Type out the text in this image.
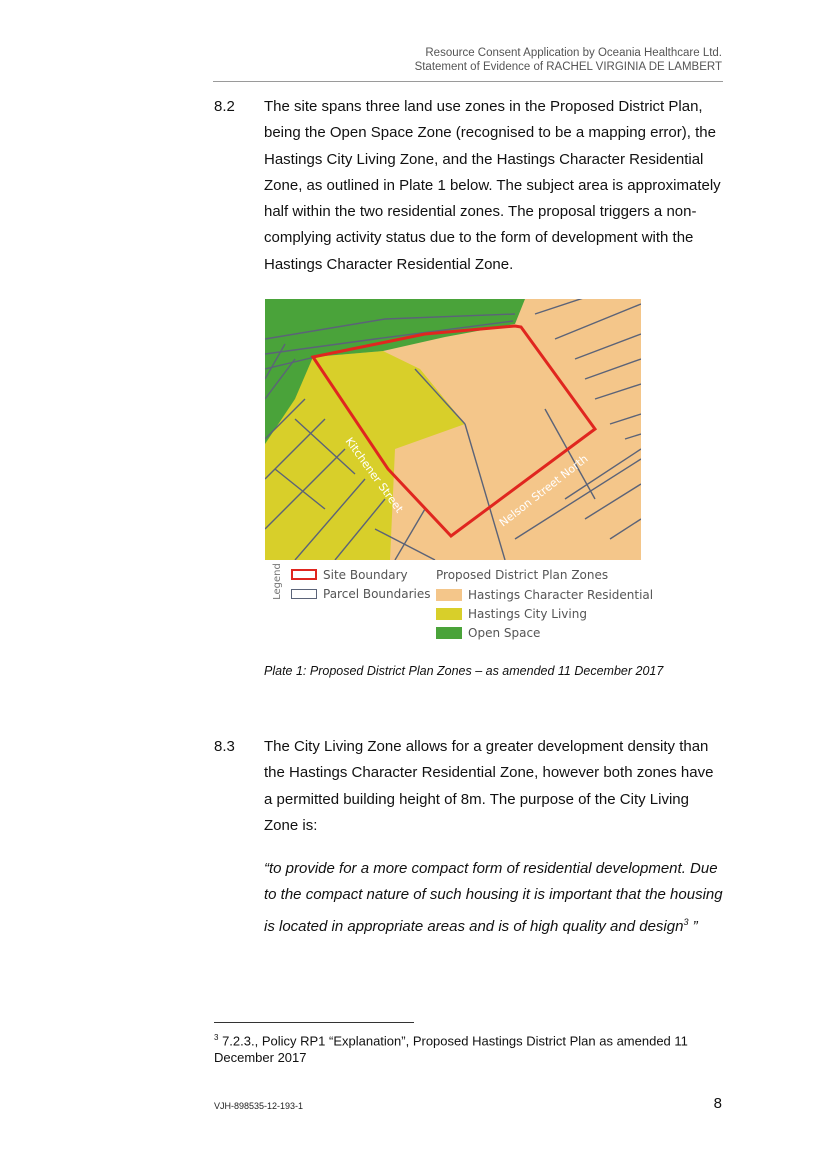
Resource Consent Application by Oceania Healthcare Ltd.
Statement of Evidence of RACHEL VIRGINIA DE LAMBERT
8.2 The site spans three land use zones in the Proposed District Plan, being the Open Space Zone (recognised to be a mapping error), the Hastings City Living Zone, and the Hastings Character Residential Zone, as outlined in Plate 1 below. The subject area is approximately half within the two residential zones. The proposal triggers a non-complying activity status due to the form of development with the Hastings Character Residential Zone.
Kitchener Street	Nelson Street North
Legend	Site Boundary
Parcel Boundaries
Proposed District Plan Zones
Hastings Character Residential
Hastings City Living
Open Space
Plate 1: Proposed District Plan Zones – as amended 11 December 2017
8.3 The City Living Zone allows for a greater development density than the Hastings Character Residential Zone, however both zones have a permitted building height of 8m. The purpose of the City Living Zone is:
“to provide for a more compact form of residential development. Due to the compact nature of such housing it is important that the housing is located in appropriate areas and is of high quality and design$^3$ ”
$^3$ 7.2.3., Policy RP1 “Explanation”, Proposed Hastings District Plan as amended 11 December 2017
VJH-898535-12-193-1	8
